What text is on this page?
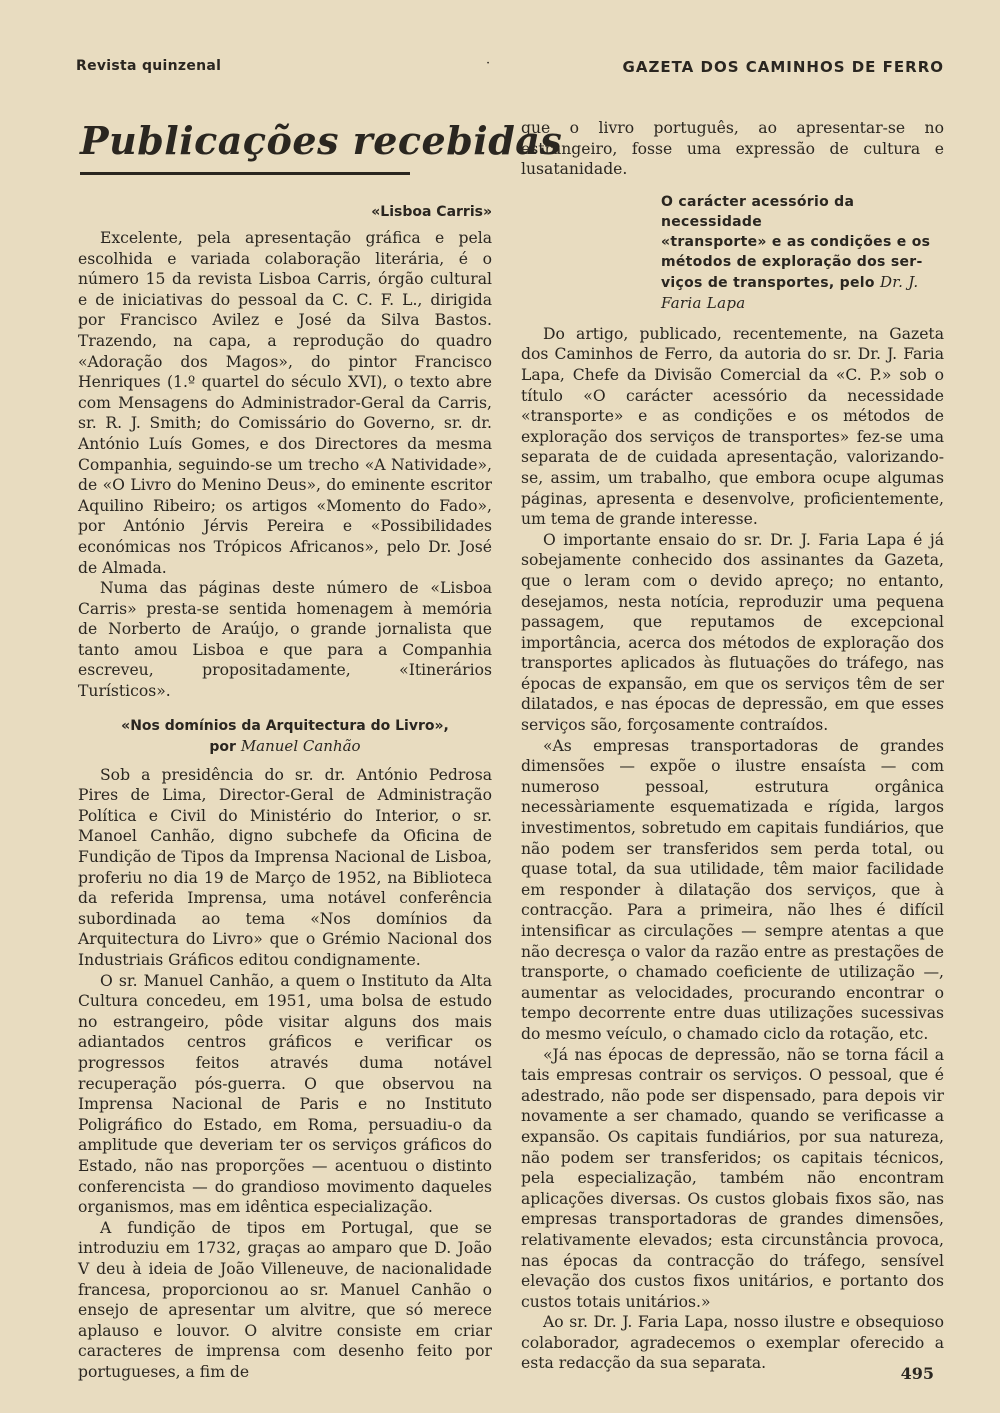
Revista quinzenal	·	GAZETA DOS CAMINHOS DE FERRO
Publicações recebidas
«Lisboa Carris»

Excelente, pela apresentação gráfica e pela escolhida e variada colaboração literária, é o número 15 da revista Lisboa Carris, órgão cultural e de iniciativas do pessoal da C. C. F. L., dirigida por Francisco Avilez e José da Silva Bastos. Trazendo, na capa, a reprodução do quadro «Adoração dos Magos», do pintor Francisco Henriques (1.º quartel do século XVI), o texto abre com Mensagens do Administrador-Geral da Carris, sr. R. J. Smith; do Comissário do Governo, sr. dr. António Luís Gomes, e dos Directores da mesma Companhia, seguindo-se um trecho «A Natividade», de «O Livro do Menino Deus», do eminente escritor Aquilino Ribeiro; os artigos «Momento do Fado», por António Jérvis Pereira e «Possibilidades económicas nos Trópicos Africanos», pelo Dr. José de Almada.

Numa das páginas deste número de «Lisboa Carris» presta-se sentida homenagem à memória de Norberto de Araújo, o grande jornalista que tanto amou Lisboa e que para a Companhia escreveu, propositadamente, «Itinerários Turísticos».

«Nos domínios da Arquitectura do Livro»,
por Manuel Canhão

Sob a presidência do sr. dr. António Pedrosa Pires de Lima, Director-Geral de Administração Política e Civil do Ministério do Interior, o sr. Manoel Canhão, digno subchefe da Oficina de Fundição de Tipos da Imprensa Nacional de Lisboa, proferiu no dia 19 de Março de 1952, na Biblioteca da referida Imprensa, uma notável conferência subordinada ao tema «Nos domínios da Arquitectura do Livro» que o Grémio Nacional dos Industriais Gráficos editou condignamente.

O sr. Manuel Canhão, a quem o Instituto da Alta Cultura concedeu, em 1951, uma bolsa de estudo no estrangeiro, pôde visitar alguns dos mais adiantados centros gráficos e verificar os progressos feitos através duma notável recuperação pós-guerra. O que observou na Imprensa Nacional de Paris e no Instituto Poligráfico do Estado, em Roma, persuadiu-o da amplitude que deveriam ter os serviços gráficos do Estado, não nas proporções — acentuou o distinto conferencista — do grandioso movimento daqueles organismos, mas em idêntica especialização.

A fundição de tipos em Portugal, que se introduziu em 1732, graças ao amparo que D. João V deu à ideia de João Villeneuve, de nacionalidade francesa, proporcionou ao sr. Manuel Canhão o ensejo de apresentar um alvitre, que só merece aplauso e louvor. O alvitre consiste em criar caracteres de imprensa com desenho feito por portugueses, a fim de

que o livro português, ao apresentar-se no estrangeiro, fosse uma expressão de cultura e lusatanidade.

O carácter acessório da necessidade
«transporte» e as condições e os
métodos de exploração dos ser-
viços de transportes, pelo Dr. J.
Faria Lapa

Do artigo, publicado, recentemente, na Gazeta dos Caminhos de Ferro, da autoria do sr. Dr. J. Faria Lapa, Chefe da Divisão Comercial da «C. P.» sob o título «O carácter acessório da necessidade «transporte» e as condições e os métodos de exploração dos serviços de transportes» fez-se uma separata de de cuidada apresentação, valorizando-se, assim, um trabalho, que embora ocupe algumas páginas, apresenta e desenvolve, proficientemente, um tema de grande interesse.

O importante ensaio do sr. Dr. J. Faria Lapa é já sobejamente conhecido dos assinantes da Gazeta, que o leram com o devido apreço; no entanto, desejamos, nesta notícia, reproduzir uma pequena passagem, que reputamos de excepcional importância, acerca dos métodos de exploração dos transportes aplicados às flutuações do tráfego, nas épocas de expansão, em que os serviços têm de ser dilatados, e nas épocas de depressão, em que esses serviços são, forçosamente contraídos.

«As empresas transportadoras de grandes dimensões — expõe o ilustre ensaísta — com numeroso pessoal, estrutura orgânica necessàriamente esquematizada e rígida, largos investimentos, sobretudo em capitais fundiários, que não podem ser transferidos sem perda total, ou quase total, da sua utilidade, têm maior facilidade em responder à dilatação dos serviços, que à contracção. Para a primeira, não lhes é difícil intensificar as circulações — sempre atentas a que não decresça o valor da razão entre as prestações de transporte, o chamado coeficiente de utilização —, aumentar as velocidades, procurando encontrar o tempo decorrente entre duas utilizações sucessivas do mesmo veículo, o chamado ciclo da rotação, etc.

«Já nas épocas de depressão, não se torna fácil a tais empresas contrair os serviços. O pessoal, que é adestrado, não pode ser dispensado, para depois vir novamente a ser chamado, quando se verificasse a expansão. Os capitais fundiários, por sua natureza, não podem ser transferidos; os capitais técnicos, pela especialização, também não encontram aplicações diversas. Os custos globais fixos são, nas empresas transportadoras de grandes dimensões, relativamente elevados; esta circunstância provoca, nas épocas da contracção do tráfego, sensível elevação dos custos fixos unitários, e portanto dos custos totais unitários.»

Ao sr. Dr. J. Faria Lapa, nosso ilustre e obsequioso colaborador, agradecemos o exemplar oferecido a esta redacção da sua separata.

495
